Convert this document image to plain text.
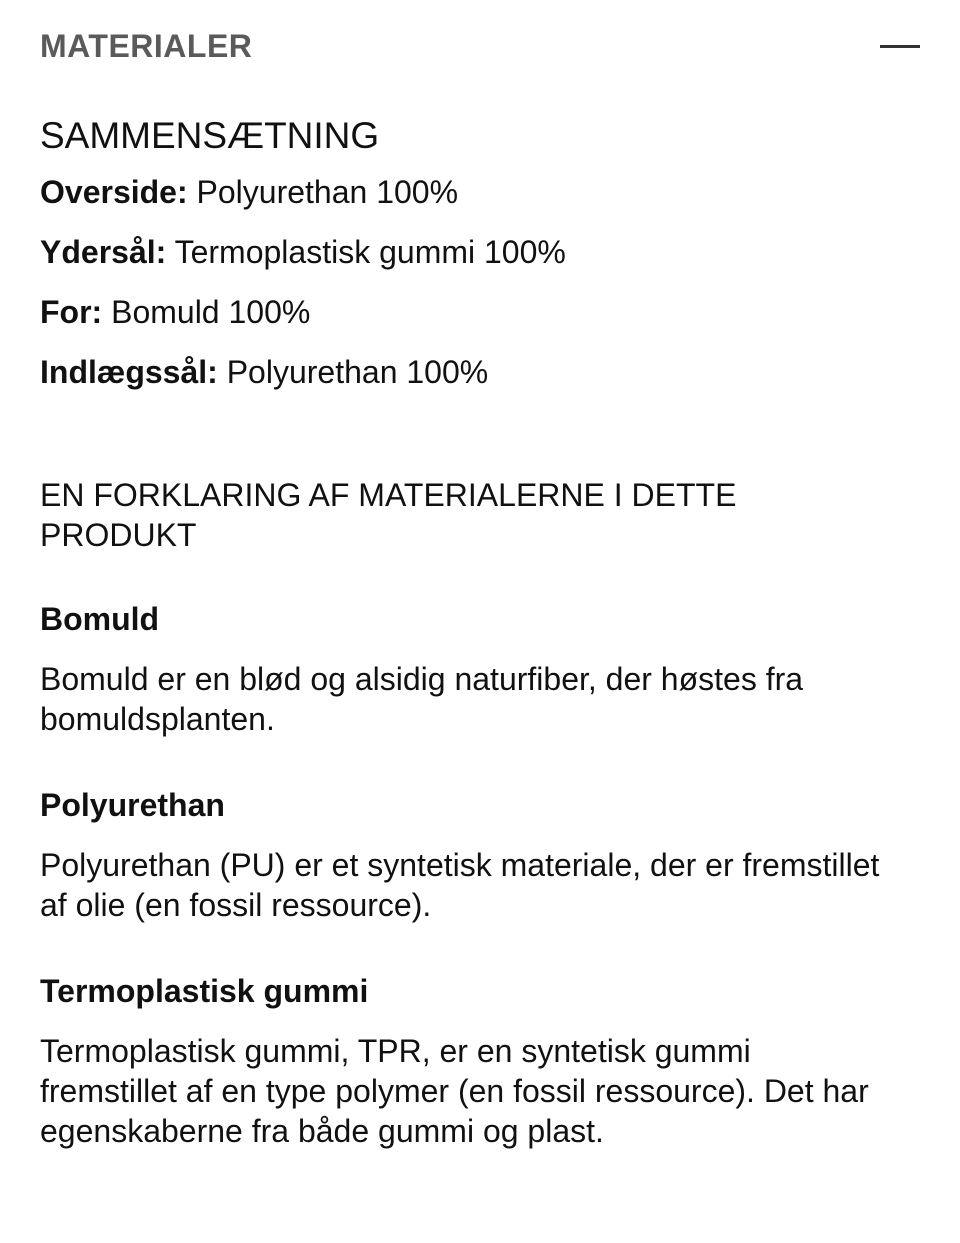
MATERIALER
SAMMENSÆTNING
Overside: Polyurethan 100%
Ydersål: Termoplastisk gummi 100%
For: Bomuld 100%
Indlægssål: Polyurethan 100%
EN FORKLARING AF MATERIALERNE I DETTE PRODUKT
Bomuld

Bomuld er en blød og alsidig naturfiber, der høstes fra bomuldsplanten.

Polyurethan

Polyurethan (PU) er et syntetisk materiale, der er fremstillet af olie (en fossil ressource).

Termoplastisk gummi

Termoplastisk gummi, TPR, er en syntetisk gummi fremstillet af en type polymer (en fossil ressource). Det har egenskaberne fra både gummi og plast.
